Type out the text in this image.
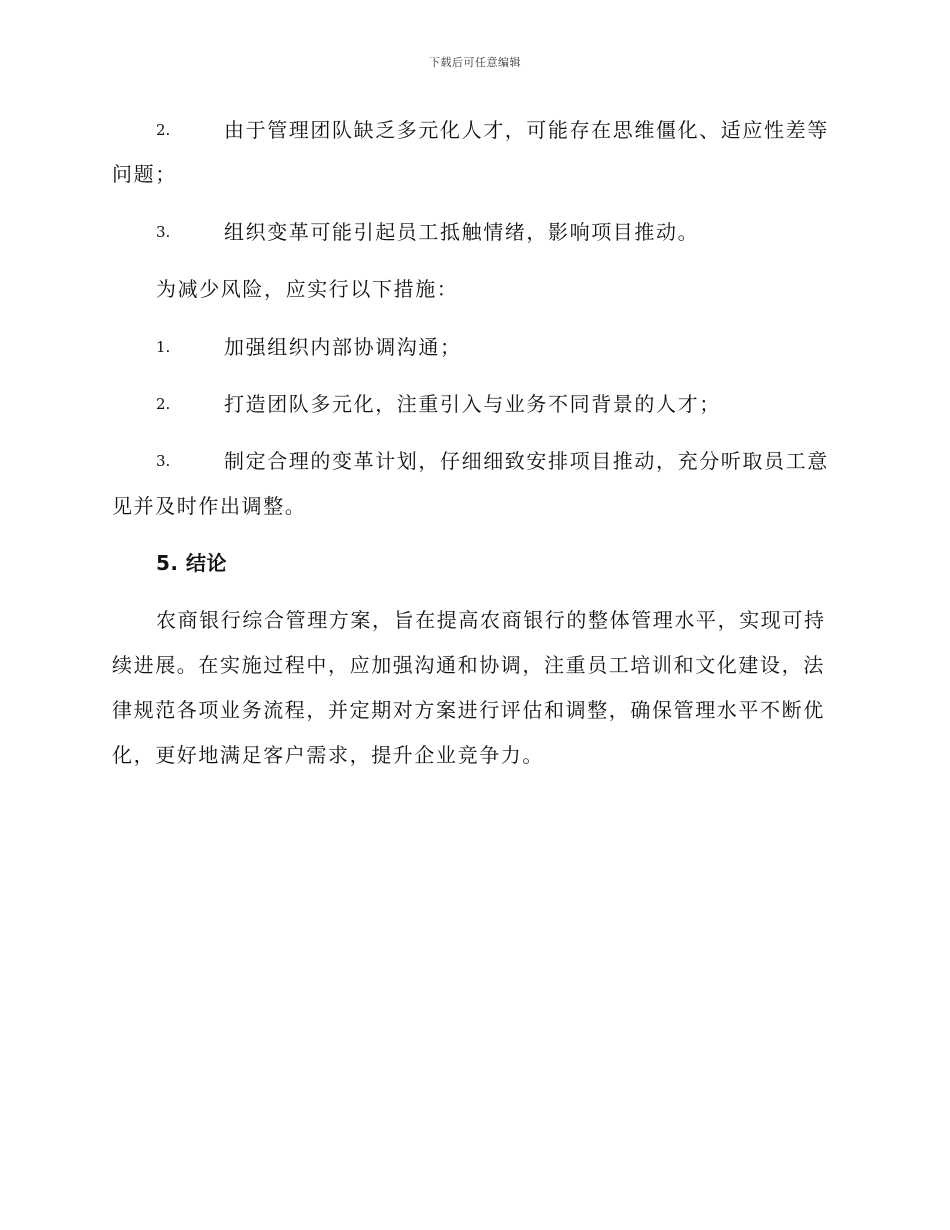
下载后可任意编辑
2.	由于管理团队缺乏多元化人才，可能存在思维僵化、适应性差等
问题；
3.	组织变革可能引起员工抵触情绪，影响项目推动。
为减少风险，应实行以下措施：
1.	加强组织内部协调沟通；
2.	打造团队多元化，注重引入与业务不同背景的人才；
3.	制定合理的变革计划，仔细细致安排项目推动，充分听取员工意
见并及时作出调整。
5. 结论
农商银行综合管理方案，旨在提高农商银行的整体管理水平，实现可持
续进展。在实施过程中，应加强沟通和协调，注重员工培训和文化建设，法
律规范各项业务流程，并定期对方案进行评估和调整，确保管理水平不断优
化，更好地满足客户需求，提升企业竞争力。
